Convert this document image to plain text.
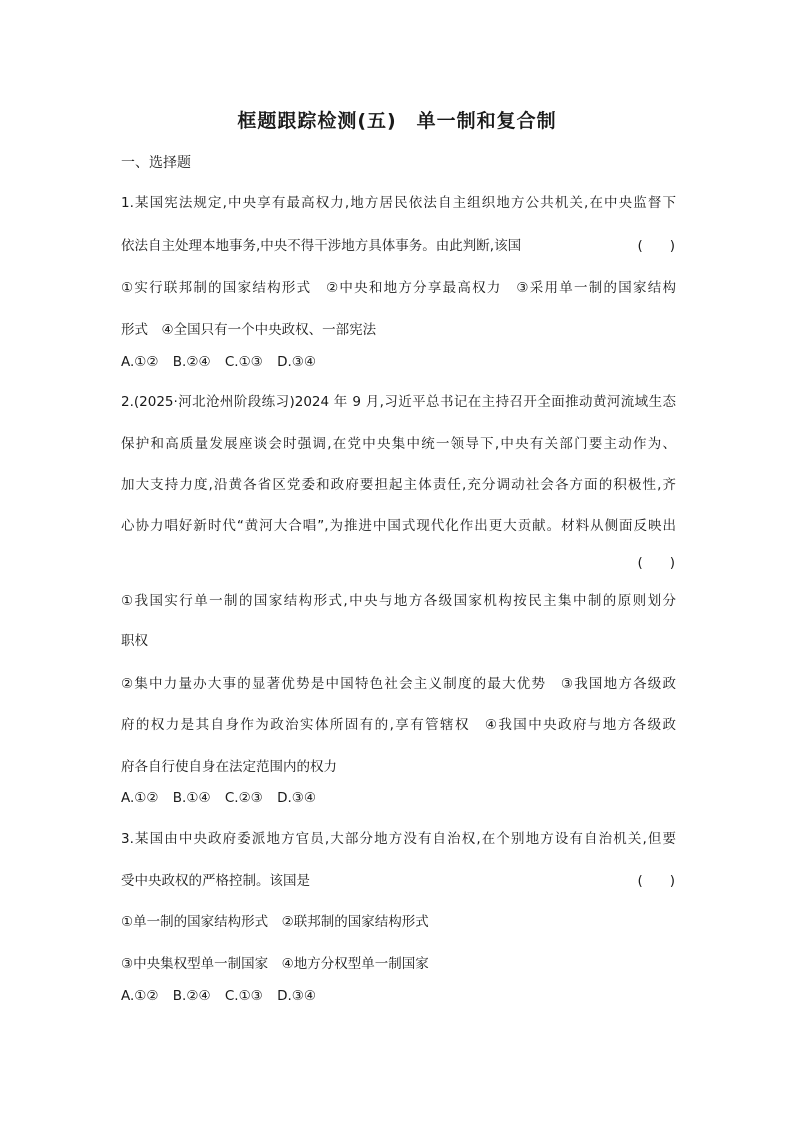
框题跟踪检测(五)　单一制和复合制
一、选择题
1.某国宪法规定,中央享有最高权力,地方居民依法自主组织地方公共机关,在中央监督下
依法自主处理本地事务,中央不得干涉地方具体事务。由此判断,该国	(　　)
①实行联邦制的国家结构形式　②中央和地方分享最高权力　③采用单一制的国家结构
形式　④全国只有一个中央政权、一部宪法
A.①② B.②④ C.①③ D.③④
2.(2025·河北沧州阶段练习)2024 年 9 月,习近平总书记在主持召开全面推动黄河流域生态
保护和高质量发展座谈会时强调,在党中央集中统一领导下,中央有关部门要主动作为、
加大支持力度,沿黄各省区党委和政府要担起主体责任,充分调动社会各方面的积极性,齐
心协力唱好新时代“黄河大合唱”,为推进中国式现代化作出更大贡献。材料从侧面反映出
(　　)
①我国实行单一制的国家结构形式,中央与地方各级国家机构按民主集中制的原则划分
职权
②集中力量办大事的显著优势是中国特色社会主义制度的最大优势　③我国地方各级政
府的权力是其自身作为政治实体所固有的,享有管辖权　④我国中央政府与地方各级政
府各自行使自身在法定范围内的权力
A.①② B.①④ C.②③ D.③④
3.某国由中央政府委派地方官员,大部分地方没有自治权,在个别地方设有自治机关,但要
受中央政权的严格控制。该国是	(　　)
①单一制的国家结构形式　②联邦制的国家结构形式
③中央集权型单一制国家　④地方分权型单一制国家
A.①② B.②④ C.①③ D.③④
